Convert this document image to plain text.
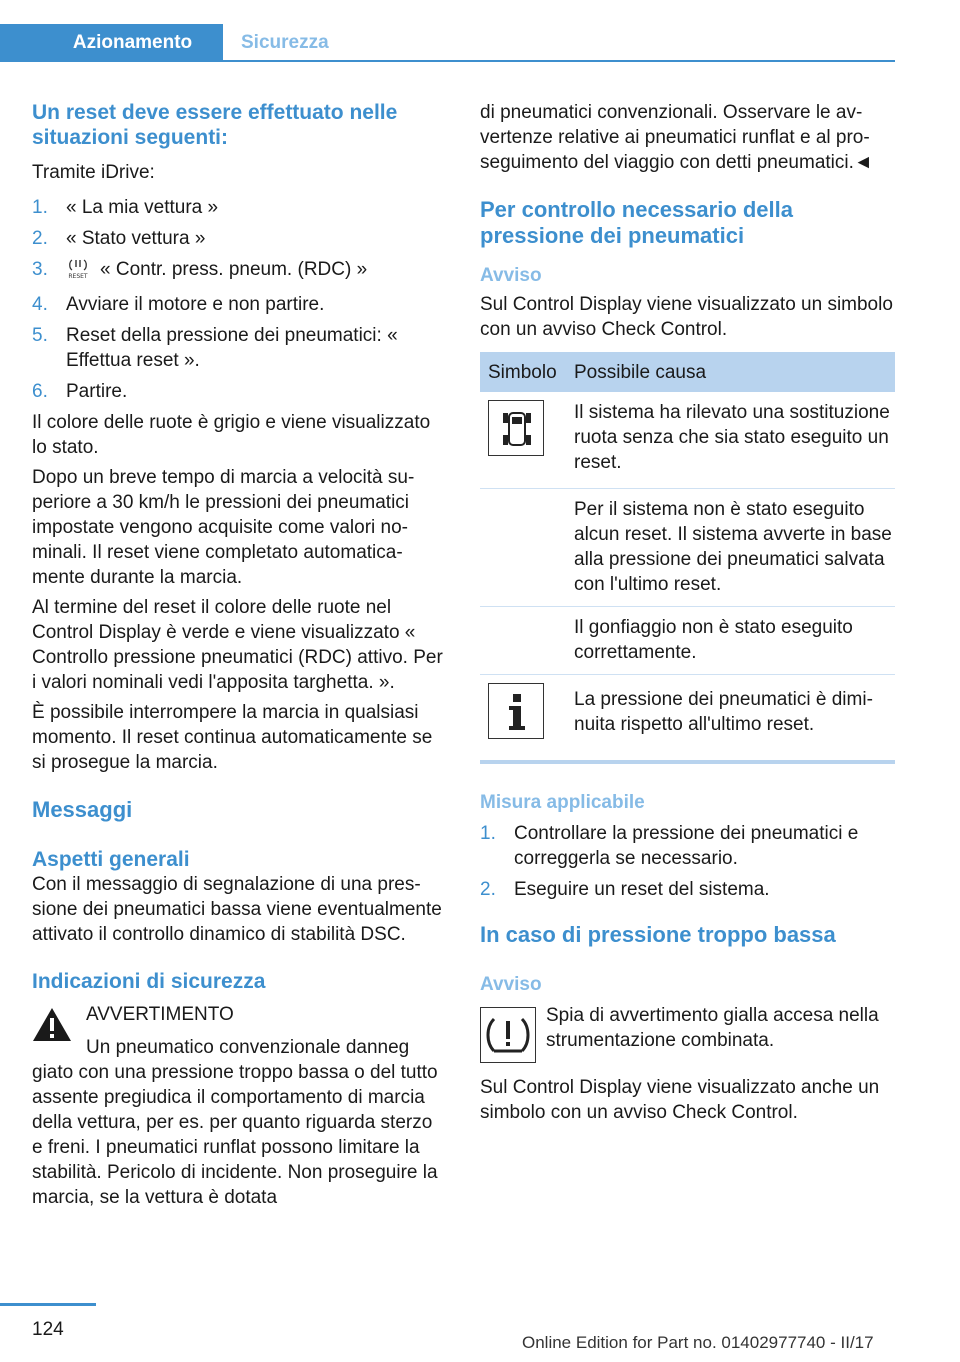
Azionamento	Sicurezza
Un reset deve essere effettuato nelle situazioni seguenti:
Tramite iDrive:
1. « La mia vettura »
2. « Stato vettura »
3.	RESET « Contr. press. pneum. (RDC) »
4. Avviare il motore e non partire.
5. Reset della pressione dei pneumatici: « Effettua reset ».
6. Partire.
Il colore delle ruote è grigio e viene visualizzato lo stato.
Dopo un breve tempo di marcia a velocità superiore a 30 km/h le pressioni dei pneumatici impostate vengono acquisite come valori nominali. Il reset viene completato automaticamente durante la marcia.
Al termine del reset il colore delle ruote nel Control Display è verde e viene visualizzato « Controllo pressione pneumatici (RDC) attivo. Per i valori nominali vedi l'apposita targhetta. ».
È possibile interrompere la marcia in qualsiasi momento. Il reset continua automaticamente se si prosegue la marcia.
Messaggi
Aspetti generali
Con il messaggio di segnalazione di una pressione dei pneumatici bassa viene eventualmente attivato il controllo dinamico di stabilità DSC.
Indicazioni di sicurezza
AVVERTIMENTO
Un pneumatico convenzionale danneg
giato con una pressione troppo bassa o del tutto assente pregiudica il comportamento di marcia della vettura, per es. per quanto riguarda sterzo e freni. I pneumatici runflat possono limitare la stabilità. Pericolo di incidente. Non proseguire la marcia, se la vettura è dotata
di pneumatici convenzionali. Osservare le avvertenze relative ai pneumatici runflat e al proseguimento del viaggio con detti pneumatici.◄
Per controllo necessario della pressione dei pneumatici
Avviso
Sul Control Display viene visualizzato un simbolo con un avviso Check Control.
Simbolo Possibile causa
Il sistema ha rilevato una sostituzione ruota senza che sia stato eseguito un reset.
Per il sistema non è stato eseguito alcun reset. Il sistema avverte in base alla pressione dei pneumatici salvata con l'ultimo reset.
Il gonfiaggio non è stato eseguito correttamente.
La pressione dei pneumatici è diminuita rispetto all'ultimo reset.
Misura applicabile
1. Controllare la pressione dei pneumatici e correggerla se necessario.
2. Eseguire un reset del sistema.
In caso di pressione troppo bassa
Avviso
Spia di avvertimento gialla accesa nella strumentazione combinata.
Sul Control Display viene visualizzato anche un simbolo con un avviso Check Control.
124
Online Edition for Part no. 01402977740 - II/17
